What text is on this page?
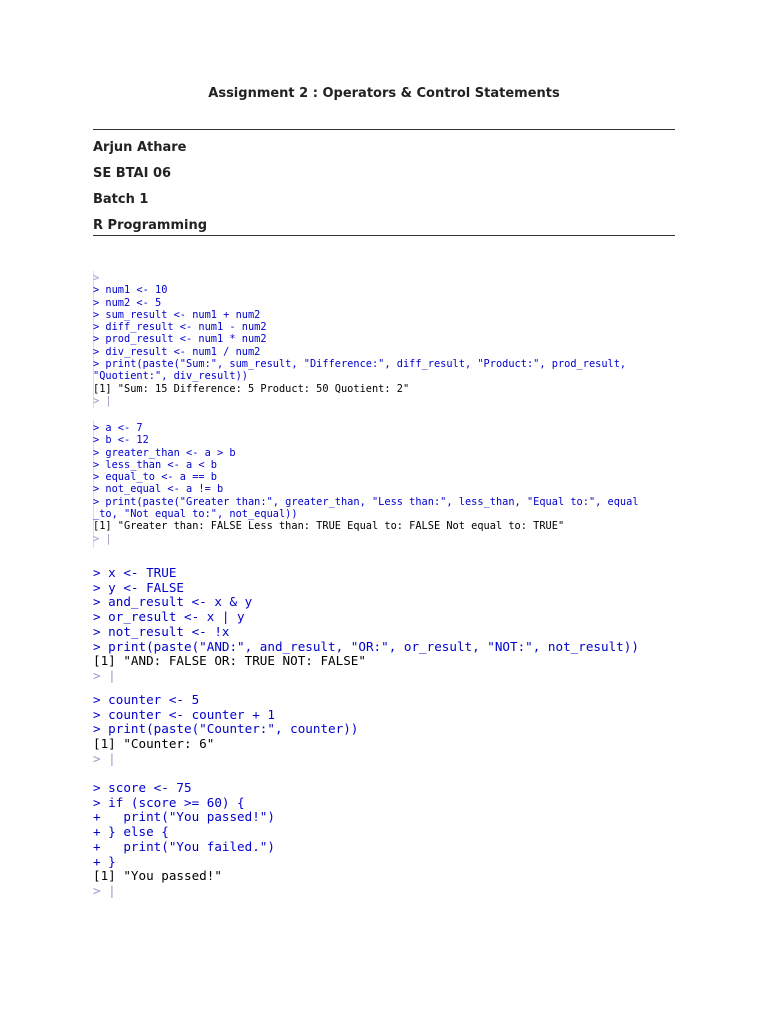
Assignment 2 : Operators & Control Statements
Arjun Athare
SE BTAI 06
Batch 1
R Programming
>
> num1 <- 10
> num2 <- 5
> sum_result <- num1 + num2
> diff_result <- num1 - num2
> prod_result <- num1 * num2
> div_result <- num1 / num2
> print(paste("Sum:", sum_result, "Difference:", diff_result, "Product:", prod_result,
"Quotient:", div_result))
[1] "Sum: 15 Difference: 5 Product: 50 Quotient: 2"
> |
> a <- 7
> b <- 12
> greater_than <- a > b
> less_than <- a < b
> equal_to <- a == b
> not_equal <- a != b
> print(paste("Greater than:", greater_than, "Less than:", less_than, "Equal to:", equal
_to, "Not equal to:", not_equal))
[1] "Greater than: FALSE Less than: TRUE Equal to: FALSE Not equal to: TRUE"
> |
> x <- TRUE
> y <- FALSE
> and_result <- x & y
> or_result <- x | y
> not_result <- !x
> print(paste("AND:", and_result, "OR:", or_result, "NOT:", not_result))
[1] "AND: FALSE OR: TRUE NOT: FALSE"
> |
> counter <- 5
> counter <- counter + 1
> print(paste("Counter:", counter))
[1] "Counter: 6"
> |
> score <- 75
> if (score >= 60) {
+   print("You passed!")
+ } else {
+   print("You failed.")
+ }
[1] "You passed!"
> |
